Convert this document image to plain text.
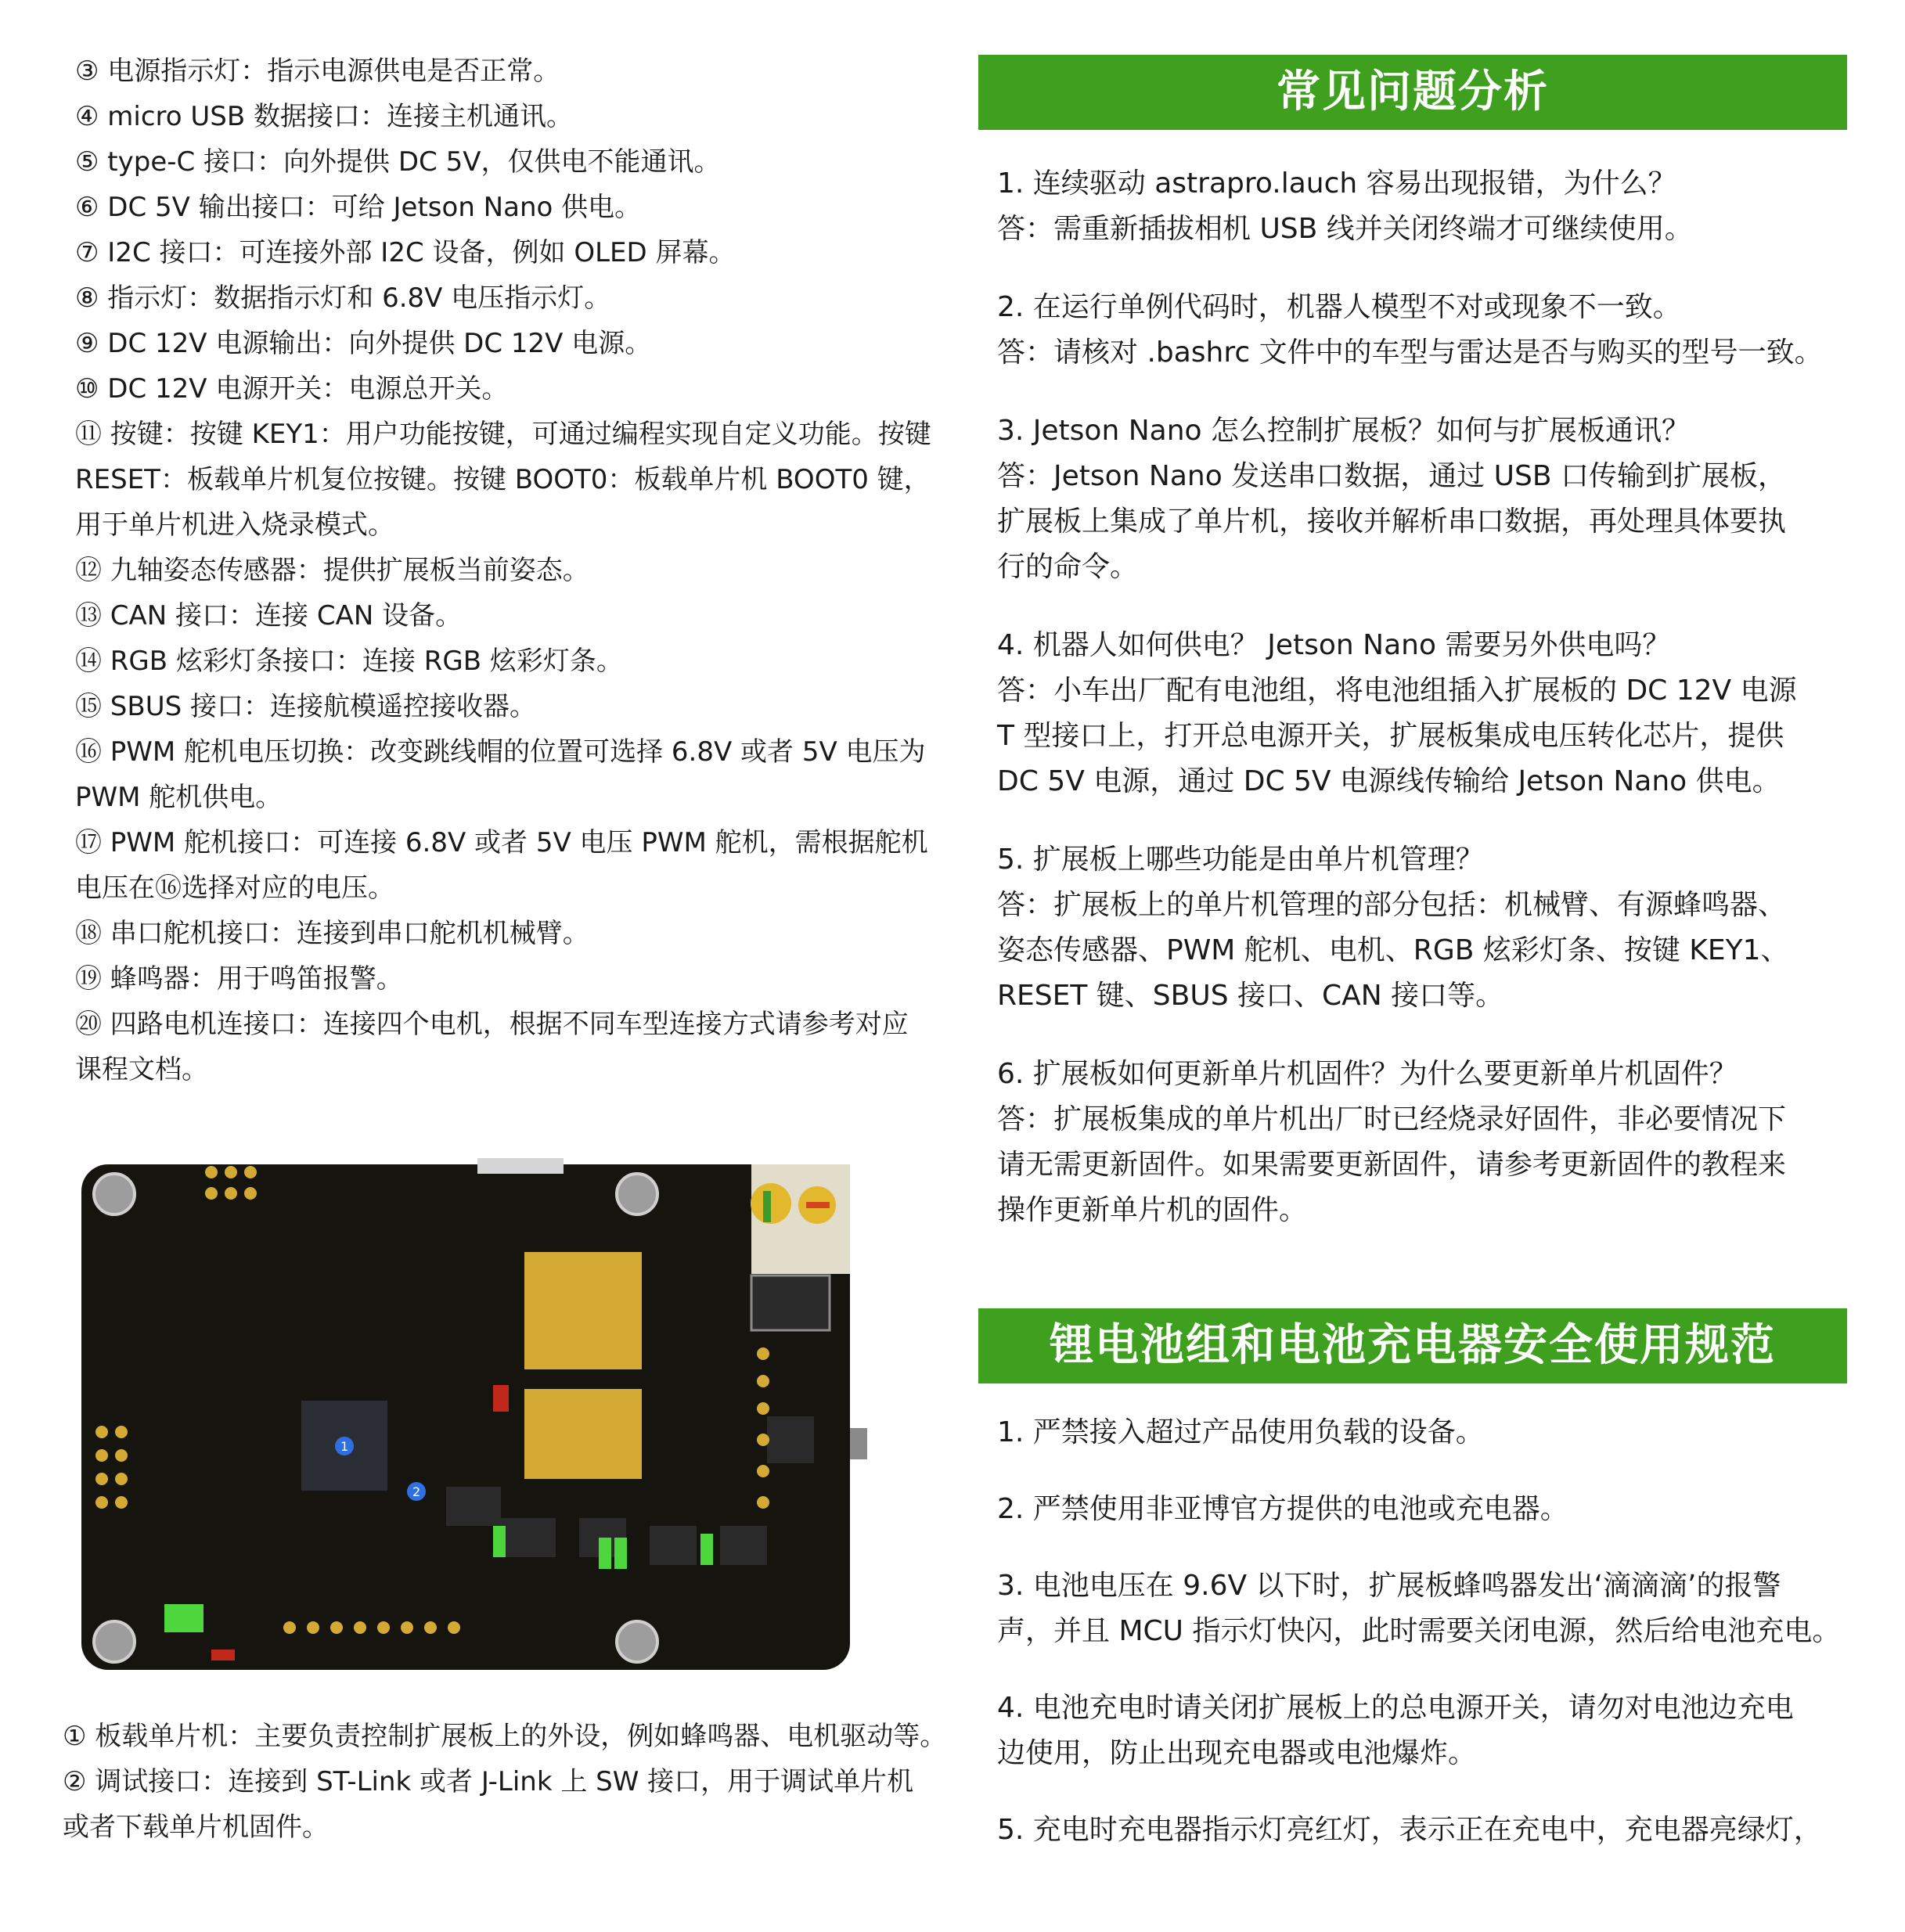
③ 电源指示灯：指示电源供电是否正常。

④ micro USB 数据接口：连接主机通讯。

⑤ type-C 接口：向外提供 DC 5V，仅供电不能通讯。

⑥ DC 5V 输出接口：可给 Jetson Nano 供电。

⑦ I2C 接口：可连接外部 I2C 设备，例如 OLED 屏幕。

⑧ 指示灯：数据指示灯和 6.8V 电压指示灯。

⑨ DC 12V 电源输出：向外提供 DC 12V 电源。

⑩ DC 12V 电源开关：电源总开关。

⑪ 按键：按键 KEY1：用户功能按键，可通过编程实现自定义功能。按键

RESET：板载单片机复位按键。按键 BOOT0：板载单片机 BOOT0 键，

用于单片机进入烧录模式。

⑫ 九轴姿态传感器：提供扩展板当前姿态。

⑬ CAN 接口：连接 CAN 设备。

⑭ RGB 炫彩灯条接口：连接 RGB 炫彩灯条。

⑮ SBUS 接口：连接航模遥控接收器。

⑯ PWM 舵机电压切换：改变跳线帽的位置可选择 6.8V 或者 5V 电压为

PWM 舵机供电。

⑰ PWM 舵机接口：可连接 6.8V 或者 5V 电压 PWM 舵机，需根据舵机

电压在⑯选择对应的电压。

⑱ 串口舵机接口：连接到串口舵机机械臂。

⑲ 蜂鸣器：用于鸣笛报警。

⑳ 四路电机连接口：连接四个电机，根据不同车型连接方式请参考对应

课程文档。

1
2

① 板载单片机：主要负责控制扩展板上的外设，例如蜂鸣器、电机驱动等。

② 调试接口：连接到 ST-Link 或者 J-Link 上 SW 接口，用于调试单片机

或者下载单片机固件。

常见问题分析

1. 连续驱动 astrapro.lauch 容易出现报错，为什么？

答：需重新插拔相机 USB 线并关闭终端才可继续使用。

2. 在运行单例代码时，机器人模型不对或现象不一致。

答：请核对 .bashrc 文件中的车型与雷达是否与购买的型号一致。

3. Jetson Nano 怎么控制扩展板？如何与扩展板通讯？

答：Jetson Nano 发送串口数据，通过 USB 口传输到扩展板，

扩展板上集成了单片机，接收并解析串口数据，再处理具体要执

行的命令。

4. 机器人如何供电？ Jetson Nano 需要另外供电吗？

答：小车出厂配有电池组，将电池组插入扩展板的 DC 12V 电源

T 型接口上，打开总电源开关，扩展板集成电压转化芯片，提供

DC 5V 电源，通过 DC 5V 电源线传输给 Jetson Nano 供电。

5. 扩展板上哪些功能是由单片机管理？

答：扩展板上的单片机管理的部分包括：机械臂、有源蜂鸣器、

姿态传感器、PWM 舵机、电机、RGB 炫彩灯条、按键 KEY1、

RESET 键、SBUS 接口、CAN 接口等。

6. 扩展板如何更新单片机固件？为什么要更新单片机固件？

答：扩展板集成的单片机出厂时已经烧录好固件，非必要情况下

请无需更新固件。如果需要更新固件，请参考更新固件的教程来

操作更新单片机的固件。

锂电池组和电池充电器安全使用规范

1. 严禁接入超过产品使用负载的设备。

2. 严禁使用非亚博官方提供的电池或充电器。

3. 电池电压在 9.6V 以下时，扩展板蜂鸣器发出‘滴滴滴’的报警

声，并且 MCU 指示灯快闪，此时需要关闭电源，然后给电池充电。

4. 电池充电时请关闭扩展板上的总电源开关，请勿对电池边充电

边使用，防止出现充电器或电池爆炸。

5. 充电时充电器指示灯亮红灯，表示正在充电中，充电器亮绿灯，
